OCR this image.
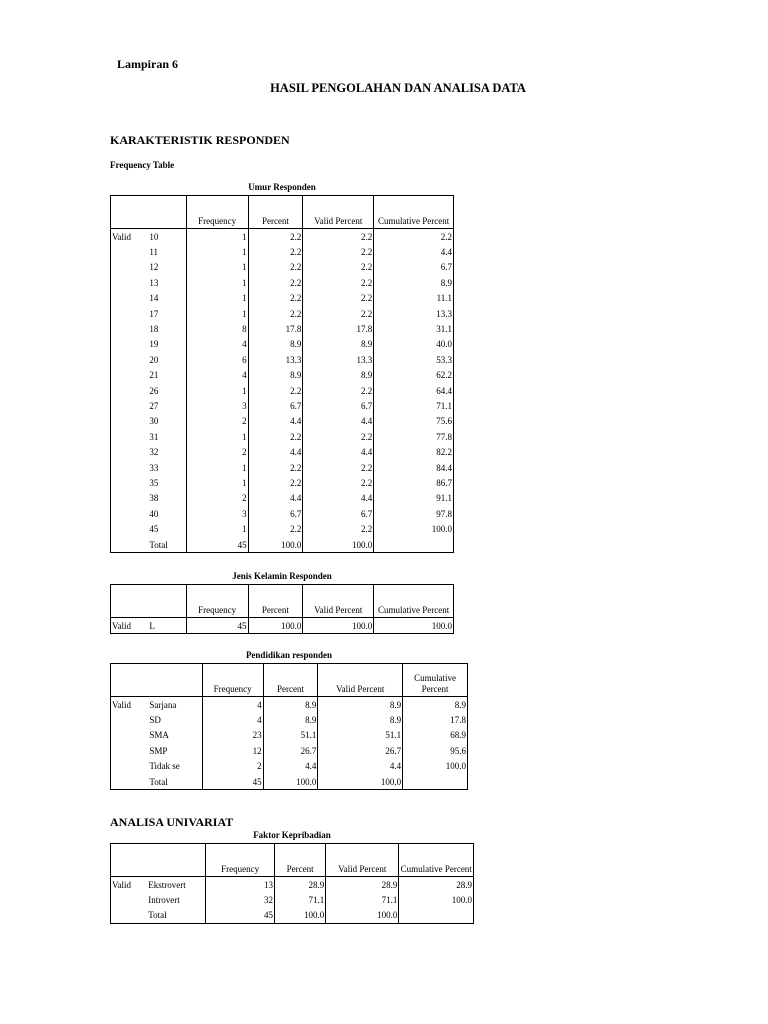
Lampiran 6
HASIL PENGOLAHAN DAN ANALISA DATA
KARAKTERISTIK RESPONDEN
Frequency Table
Umur Responden
		Frequency	Percent	Valid Percent	Cumulative Percent
Valid	10	1	2.2	2.2	2.2
	11	1	2.2	2.2	4.4
	12	1	2.2	2.2	6.7
	13	1	2.2	2.2	8.9
	14	1	2.2	2.2	11.1
	17	1	2.2	2.2	13.3
	18	8	17.8	17.8	31.1
	19	4	8.9	8.9	40.0
	20	6	13.3	13.3	53.3
	21	4	8.9	8.9	62.2
	26	1	2.2	2.2	64.4
	27	3	6.7	6.7	71.1
	30	2	4.4	4.4	75.6
	31	1	2.2	2.2	77.8
	32	2	4.4	4.4	82.2
	33	1	2.2	2.2	84.4
	35	1	2.2	2.2	86.7
	38	2	4.4	4.4	91.1
	40	3	6.7	6.7	97.8
	45	1	2.2	2.2	100.0
	Total	45	100.0	100.0	
Jenis Kelamin Responden
		Frequency	Percent	Valid Percent	Cumulative Percent
Valid	L	45	100.0	100.0	100.0
Pendidikan responden
		Frequency	Percent	Valid Percent	Cumulative Percent
Valid	Sarjana	4	8.9	8.9	8.9
	SD	4	8.9	8.9	17.8
	SMA	23	51.1	51.1	68.9
	SMP	12	26.7	26.7	95.6
	Tidak se	2	4.4	4.4	100.0
	Total	45	100.0	100.0	
ANALISA UNIVARIAT
Faktor Kepribadian
		Frequency	Percent	Valid Percent	Cumulative Percent
Valid	Ekstrovert	13	28.9	28.9	28.9
	Introvert	32	71.1	71.1	100.0
	Total	45	100.0	100.0	
